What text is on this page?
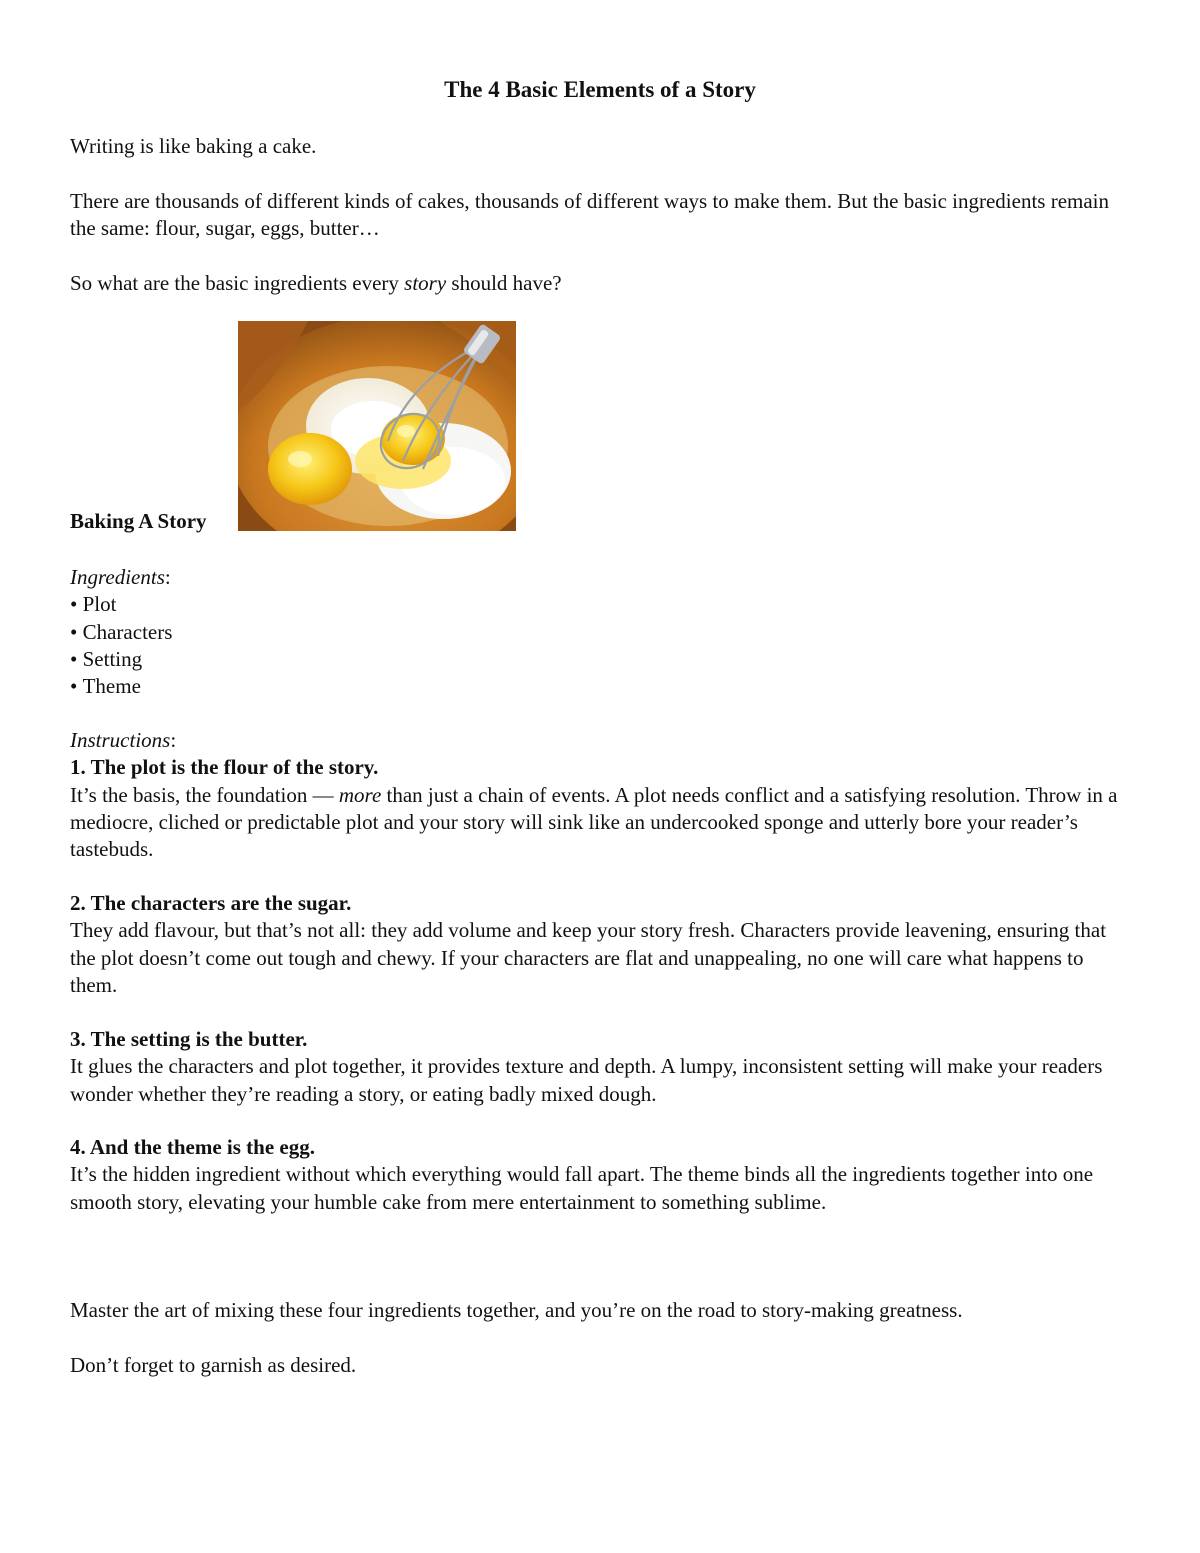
The 4 Basic Elements of a Story

Writing is like baking a cake.

There are thousands of different kinds of cakes, thousands of different ways to make them. But the basic ingredients remain the same: flour, sugar, eggs, butter…

So what are the basic ingredients every story should have?

Baking A Story
Ingredients:
• Plot
• Characters
• Setting
• Theme
Instructions:
1. The plot is the flour of the story.
It’s the basis, the foundation — more than just a chain of events. A plot needs conflict and a satisfying resolution. Throw in a mediocre, cliched or predictable plot and your story will sink like an undercooked sponge and utterly bore your reader’s tastebuds.
2. The characters are the sugar.
They add flavour, but that’s not all: they add volume and keep your story fresh. Characters provide leavening, ensuring that the plot doesn’t come out tough and chewy. If your characters are flat and unappealing, no one will care what happens to them.
3. The setting is the butter.
It glues the characters and plot together, it provides texture and depth. A lumpy, inconsistent setting will make your readers wonder whether they’re reading a story, or eating badly mixed dough.
4. And the theme is the egg.
It’s the hidden ingredient without which everything would fall apart. The theme binds all the ingredients together into one smooth story, elevating your humble cake from mere entertainment to something sublime.

Master the art of mixing these four ingredients together, and you’re on the road to story-making greatness.

Don’t forget to garnish as desired.
